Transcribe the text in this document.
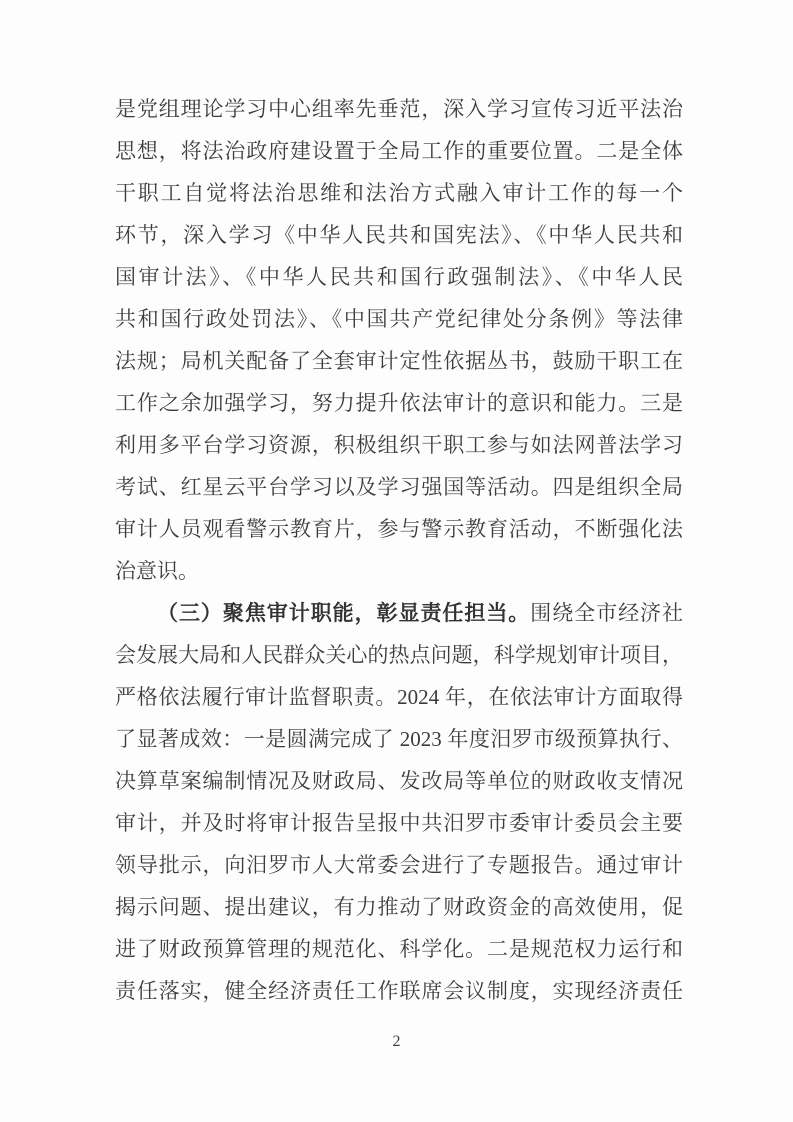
是党组理论学习中心组率先垂范，深入学习宣传习近平法治
思想，将法治政府建设置于全局工作的重要位置。二是全体
干职工自觉将法治思维和法治方式融入审计工作的每一个
环节，深入学习《中华人民共和国宪法》、《中华人民共和
国审计法》、《中华人民共和国行政强制法》、《中华人民
共和国行政处罚法》、《中国共产党纪律处分条例》等法律
法规；局机关配备了全套审计定性依据丛书，鼓励干职工在
工作之余加强学习，努力提升依法审计的意识和能力。三是
利用多平台学习资源，积极组织干职工参与如法网普法学习
考试、红星云平台学习以及学习强国等活动。四是组织全局
审计人员观看警示教育片，参与警示教育活动，不断强化法
治意识。
（三）聚焦审计职能，彰显责任担当。围绕全市经济社
会发展大局和人民群众关心的热点问题，科学规划审计项目，
严格依法履行审计监督职责。2024 年，在依法审计方面取得
了显著成效：一是圆满完成了 2023 年度汨罗市级预算执行、
决算草案编制情况及财政局、发改局等单位的财政收支情况
审计，并及时将审计报告呈报中共汨罗市委审计委员会主要
领导批示，向汨罗市人大常委会进行了专题报告。通过审计
揭示问题、提出建议，有力推动了财政资金的高效使用，促
进了财政预算管理的规范化、科学化。二是规范权力运行和
责任落实，健全经济责任工作联席会议制度，实现经济责任
2
